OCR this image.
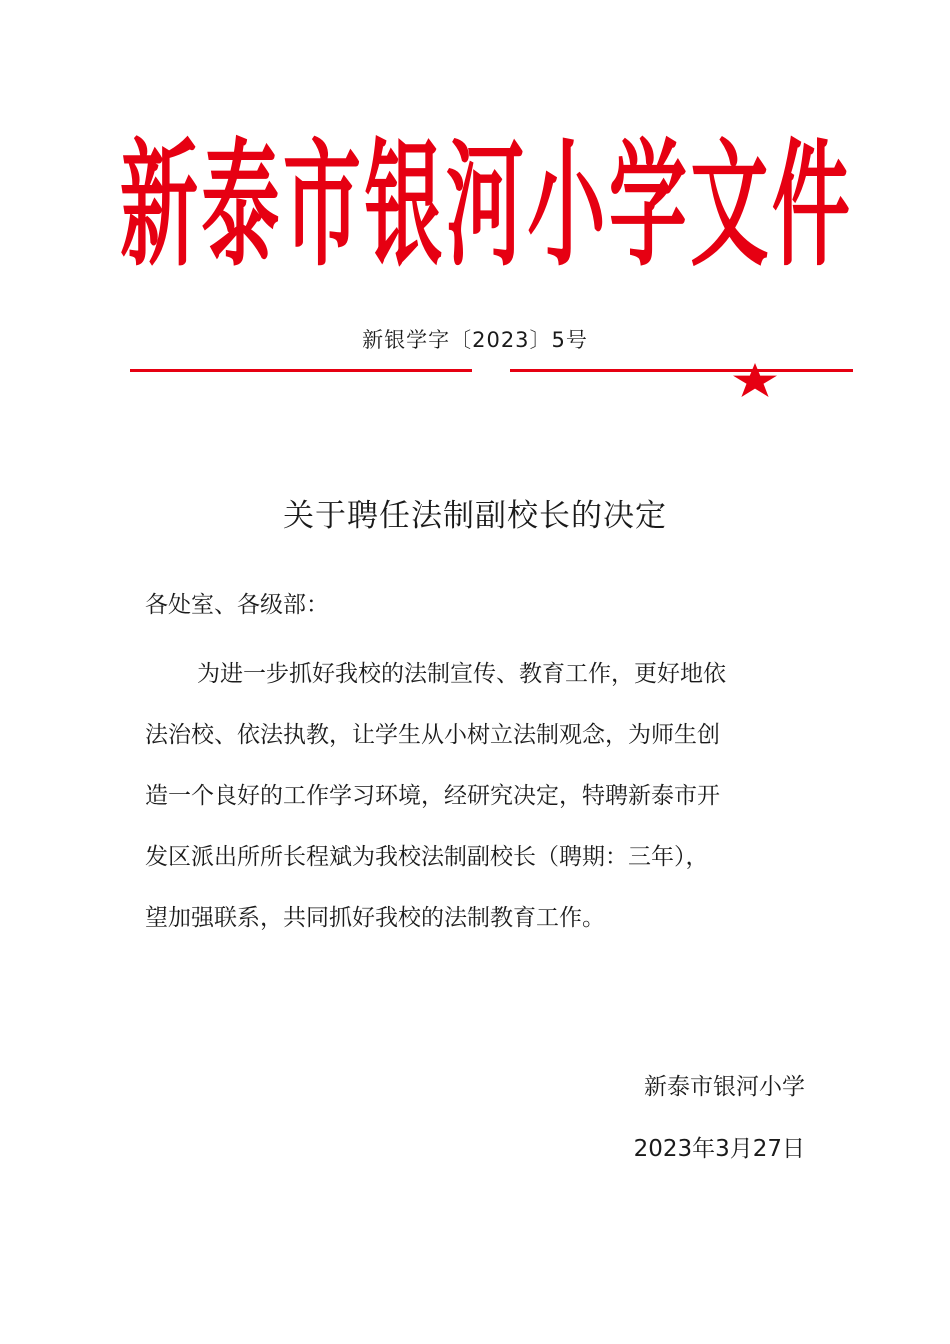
新 泰 市 银 河 小 学 文 件
新银学字〔2023〕5号
关于聘任法制副校长的决定
各处室、各级部：
为进一步抓好我校的法制宣传、教育工作，更好地依
法治校、依法执教，让学生从小树立法制观念，为师生创
造一个良好的工作学习环境，经研究决定，特聘新泰市开
发区派出所所长程斌为我校法制副校长（聘期：三年），
望加强联系，共同抓好我校的法制教育工作。
新泰市银河小学
2023年3月27日
